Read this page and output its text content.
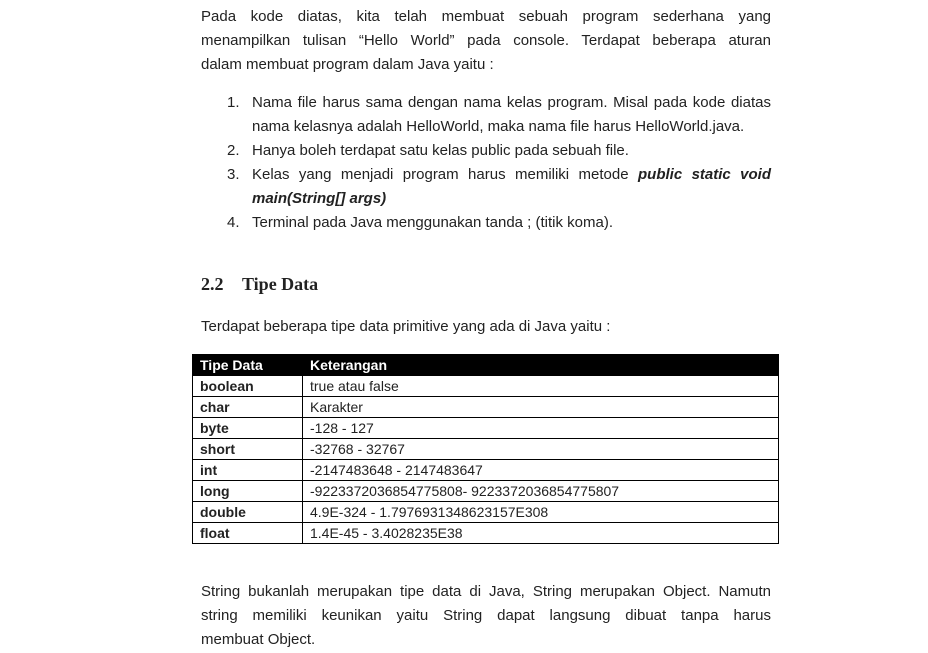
Pada kode diatas, kita telah membuat sebuah program sederhana yang
menampilkan tulisan “Hello World” pada console. Terdapat beberapa aturan
dalam membuat program dalam Java yaitu :
1. Nama file harus sama dengan nama kelas program. Misal pada kode diatas nama kelasnya adalah HelloWorld, maka nama file harus HelloWorld.java.
2. Hanya boleh terdapat satu kelas public pada sebuah file.
3. Kelas yang menjadi program harus memiliki metode public static void main(String[] args)
4. Terminal pada Java menggunakan tanda ; (titik koma).
2.2 Tipe Data

Terdapat beberapa tipe data primitive yang ada di Java yaitu :

Tipe Data	Keterangan
boolean	true atau false
char	Karakter
byte	-128 - 127
short	-32768 - 32767
int	-2147483648 - 2147483647
long	-9223372036854775808- 9223372036854775807
double	4.9E-324 - 1.7976931348623157E308
float	1.4E-45 - 3.4028235E38
String bukanlah merupakan tipe data di Java, String merupakan Object. Namutn
string memiliki keunikan yaitu String dapat langsung dibuat tanpa harus
membuat Object.
